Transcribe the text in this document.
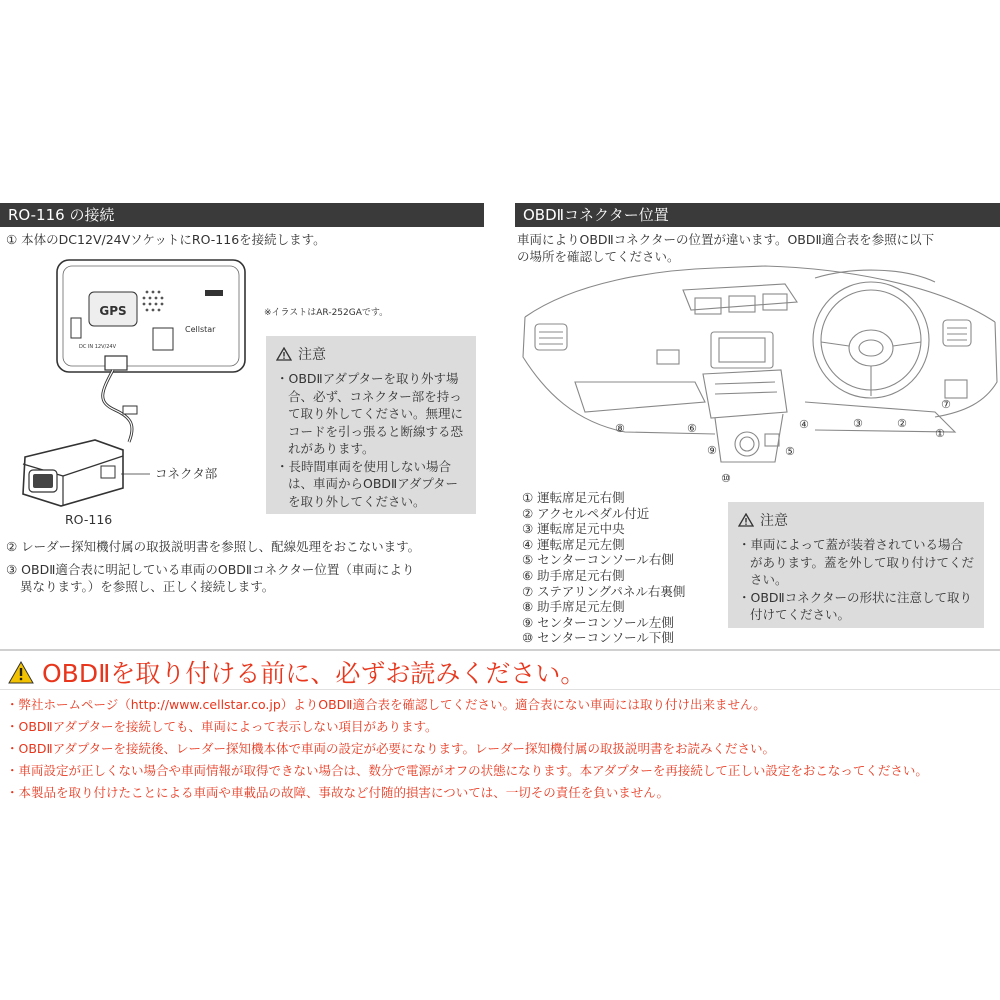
RO-116 の接続
① 本体のDC12V/24VソケットにRO-116を接続します。
GPS
Cellstar
DC IN 12V/24V
コネクタ部
RO-116
※イラストはAR-252GAです。
注意
・OBDⅡアダプターを取り外す場合、必ず、コネクター部を持って取り外してください。無理にコードを引っ張ると断線する恐れがあります。
・長時間車両を使用しない場合は、車両からOBDⅡアダプターを取り外してください。
② レーダー探知機付属の取扱説明書を参照し、配線処理をおこないます。
③ OBDⅡ適合表に明記している車両のOBDⅡコネクター位置（車両により
異なります。）を参照し、正しく接続します。
OBDⅡコネクター位置
車両によりOBDⅡコネクターの位置が違います。OBDⅡ適合表を参照に以下
の場所を確認してください。
①
②
③
④
⑤
⑥
⑦
⑧
⑨
⑩
① 運転席足元右側
② アクセルペダル付近
③ 運転席足元中央
④ 運転席足元左側
⑤ センターコンソール右側
⑥ 助手席足元右側
⑦ ステアリングパネル右裏側
⑧ 助手席足元左側
⑨ センターコンソール左側
⑩ センターコンソール下側
注意
・車両によって蓋が装着されている場合があります。蓋を外して取り付けてください。
・OBDⅡコネクターの形状に注意して取り付けてください。
OBDⅡを取り付ける前に、必ずお読みください。
・弊社ホームページ（http://www.cellstar.co.jp）よりOBDⅡ適合表を確認してください。適合表にない車両には取り付け出来ません。
・OBDⅡアダプターを接続しても、車両によって表示しない項目があります。
・OBDⅡアダプターを接続後、レーダー探知機本体で車両の設定が必要になります。レーダー探知機付属の取扱説明書をお読みください。
・車両設定が正しくない場合や車両情報が取得できない場合は、数分で電源がオフの状態になります。本アダプターを再接続して正しい設定をおこなってください。
・本製品を取り付けたことによる車両や車載品の故障、事故など付随的損害については、一切その責任を負いません。
